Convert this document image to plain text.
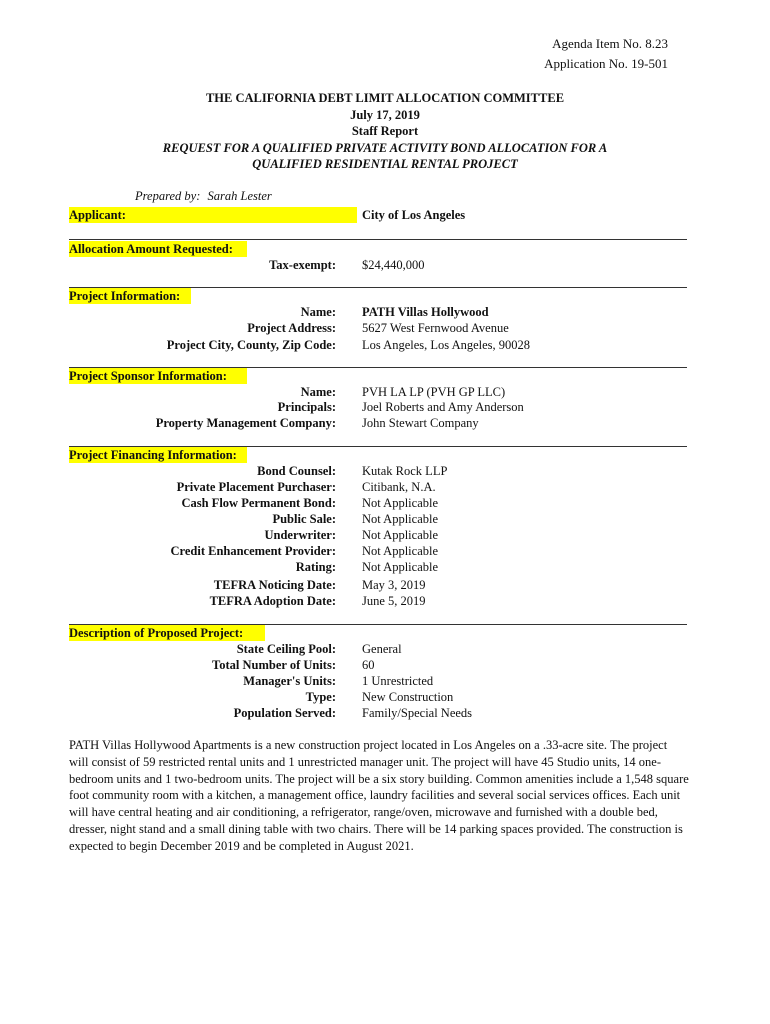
Agenda Item No. 8.23
Application No. 19-501
THE CALIFORNIA DEBT LIMIT ALLOCATION COMMITTEE
July 17, 2019
Staff Report
REQUEST FOR A QUALIFIED PRIVATE ACTIVITY BOND ALLOCATION FOR A
QUALIFIED RESIDENTIAL RENTAL PROJECT
Prepared by: Sarah Lester
Applicant:	City of Los Angeles
Allocation Amount Requested:
Tax-exempt: $24,440,000
Project Information:
Name: PATH Villas Hollywood
Project Address: 5627 West Fernwood Avenue
Project City, County, Zip Code: Los Angeles, Los Angeles, 90028
Project Sponsor Information:
Name: PVH LA LP (PVH GP LLC)
Principals: Joel Roberts and Amy Anderson
Property Management Company: John Stewart Company
Project Financing Information:
Bond Counsel: Kutak Rock LLP
Private Placement Purchaser: Citibank, N.A.
Cash Flow Permanent Bond: Not Applicable
Public Sale: Not Applicable
Underwriter: Not Applicable
Credit Enhancement Provider: Not Applicable
Rating: Not Applicable
TEFRA Noticing Date: May 3, 2019
TEFRA Adoption Date: June 5, 2019
Description of Proposed Project:
State Ceiling Pool: General
Total Number of Units: 60
Manager's Units: 1 Unrestricted
Type: New Construction
Population Served: Family/Special Needs
PATH Villas Hollywood Apartments is a new construction project located in Los Angeles on a .33-acre site. The project will consist of 59 restricted rental units and 1 unrestricted manager unit. The project will have 45 Studio units, 14 one-bedroom units and 1 two-bedroom units. The project will be a six story building. Common amenities include a 1,548 square foot community room with a kitchen, a management office, laundry facilities and several social services offices. Each unit will have central heating and air conditioning, a refrigerator, range/oven, microwave and furnished with a double bed, dresser, night stand and a small dining table with two chairs. There will be 14 parking spaces provided. The construction is expected to begin December 2019 and be completed in August 2021.
